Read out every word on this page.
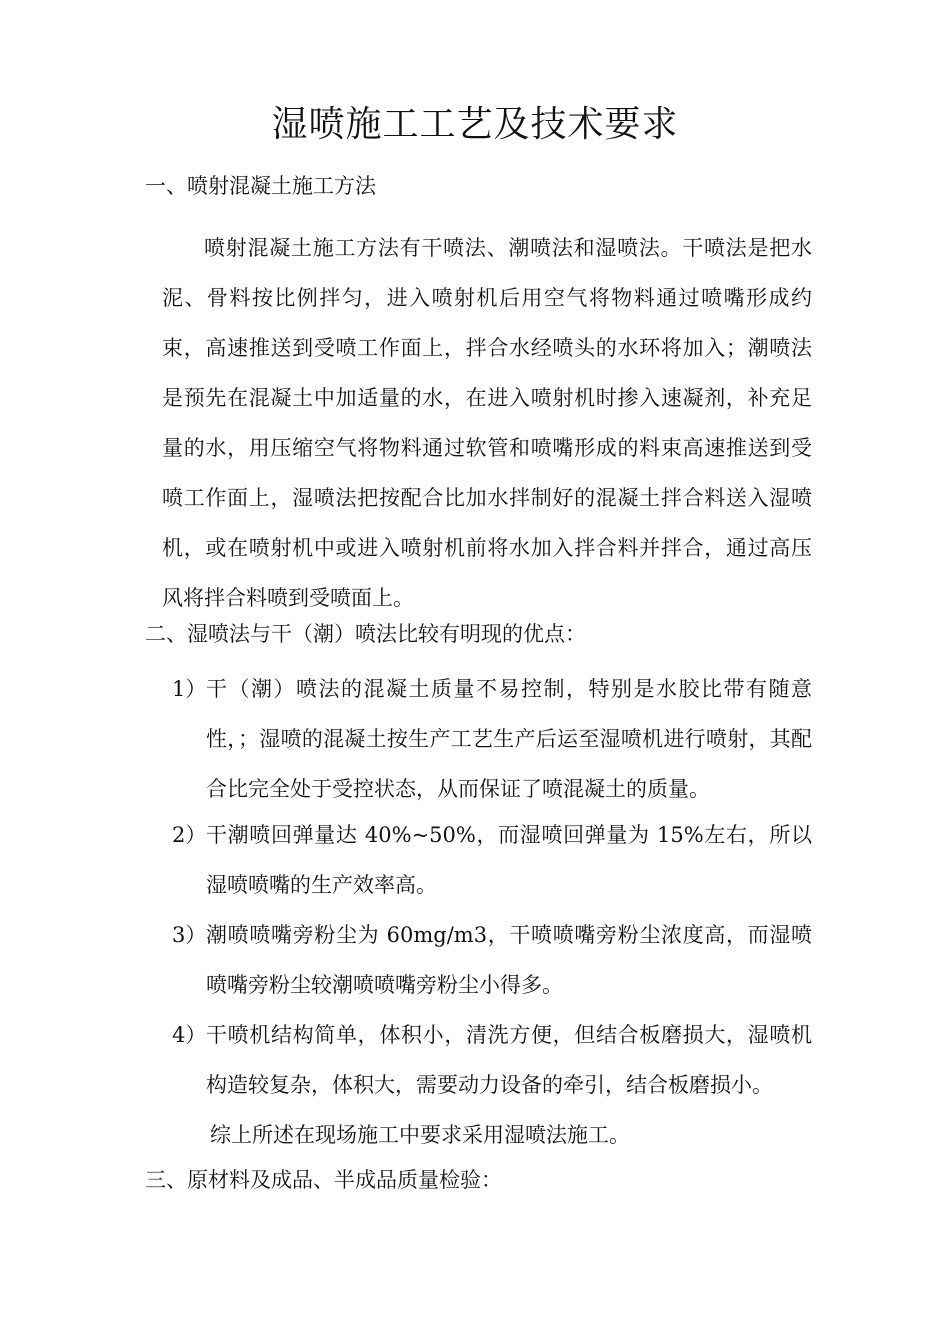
湿喷施工工艺及技术要求
一、喷射混凝土施工方法
喷射混凝土施工方法有干喷法、潮喷法和湿喷法。干喷法是把水泥、骨料按比例拌匀，进入喷射机后用空气将物料通过喷嘴形成约束，高速推送到受喷工作面上，拌合水经喷头的水环将加入；潮喷法是预先在混凝土中加适量的水，在进入喷射机时掺入速凝剂，补充足量的水，用压缩空气将物料通过软管和喷嘴形成的料束高速推送到受喷工作面上，湿喷法把按配合比加水拌制好的混凝土拌合料送入湿喷机，或在喷射机中或进入喷射机前将水加入拌合料并拌合，通过高压风将拌合料喷到受喷面上。
二、湿喷法与干（潮）喷法比较有明现的优点：
1） 干（潮）喷法的混凝土质量不易控制，特别是水胶比带有随意性，；湿喷的混凝土按生产工艺生产后运至湿喷机进行喷射，其配合比完全处于受控状态，从而保证了喷混凝土的质量。
2） 干潮喷回弹量达 40%~50%，而湿喷回弹量为 15%左右，所以湿喷喷嘴的生产效率高。
3） 潮喷喷嘴旁粉尘为 60mg/m3，干喷喷嘴旁粉尘浓度高，而湿喷喷嘴旁粉尘较潮喷喷嘴旁粉尘小得多。
4） 干喷机结构简单，体积小，清洗方便，但结合板磨损大，湿喷机构造较复杂，体积大，需要动力设备的牵引，结合板磨损小。
综上所述在现场施工中要求采用湿喷法施工。
三、原材料及成品、半成品质量检验：
